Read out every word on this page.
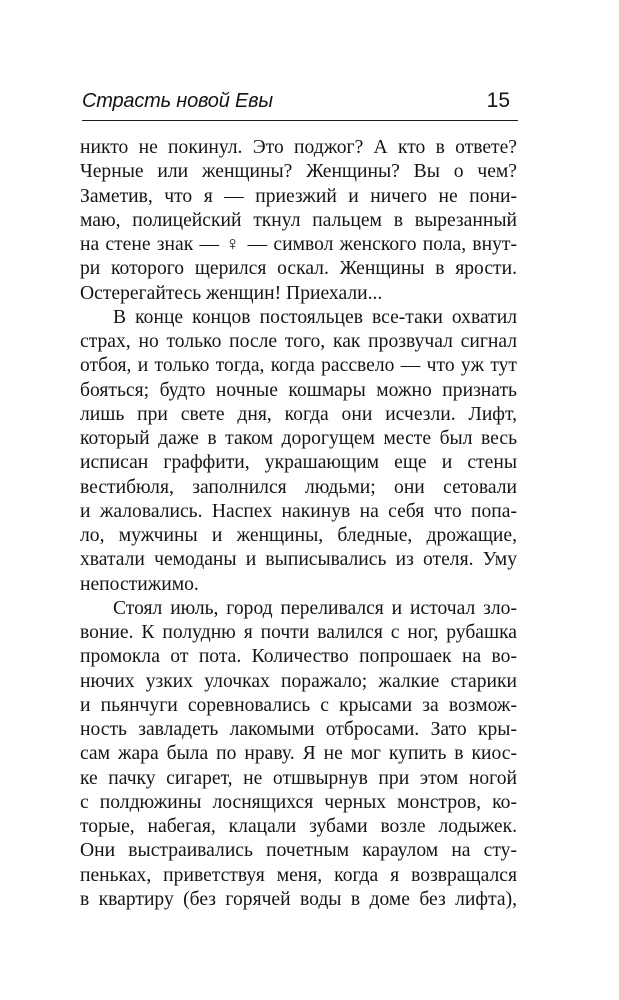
Страсть новой Евы	15
никто не покинул. Это поджог? А кто в ответе?
Черные или женщины? Женщины? Вы о чем?
Заметив, что я — приезжий и ничего не пони-
маю, полицейский ткнул пальцем в вырезанный
на стене знак — ♀ — символ женского пола, внут-
ри которого щерился оскал. Женщины в ярости.
Остерегайтесь женщин! Приехали...
В конце концов постояльцев все-таки охватил
страх, но только после того, как прозвучал сигнал
отбоя, и только тогда, когда рассвело — что уж тут
бояться; будто ночные кошмары можно признать
лишь при свете дня, когда они исчезли. Лифт,
который даже в таком дорогущем месте был весь
исписан граффити, украшающим еще и стены
вестибюля, заполнился людьми; они сетовали
и жаловались. Наспех накинув на себя что попа-
ло, мужчины и женщины, бледные, дрожащие,
хватали чемоданы и выписывались из отеля. Уму
непостижимо.
Стоял июль, город переливался и источал зло-
воние. К полудню я почти валился с ног, рубашка
промокла от пота. Количество попрошаек на во-
нючих узких улочках поражало; жалкие старики
и пьянчуги соревновались с крысами за возмож-
ность завладеть лакомыми отбросами. Зато кры-
сам жара была по нраву. Я не мог купить в киос-
ке пачку сигарет, не отшвырнув при этом ногой
с полдюжины лоснящихся черных монстров, ко-
торые, набегая, клацали зубами возле лодыжек.
Они выстраивались почетным караулом на сту-
пеньках, приветствуя меня, когда я возвращался
в квартиру (без горячей воды в доме без лифта),
